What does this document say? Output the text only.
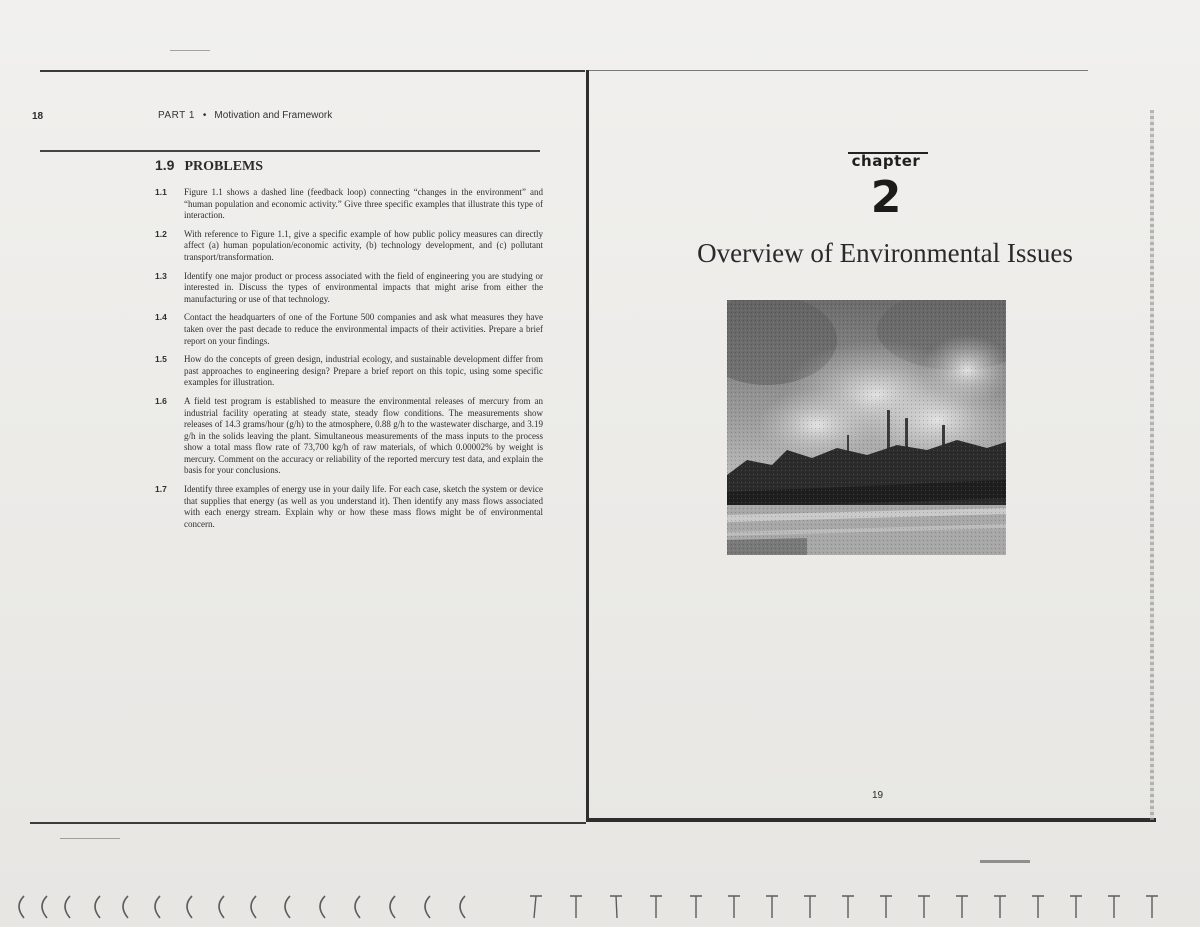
18	PART 1 • Motivation and Framework
1.9 PROBLEMS
1.1 Figure 1.1 shows a dashed line (feedback loop) connecting “changes in the environment” and “human population and economic activity.” Give three specific examples that illustrate this type of interaction.
1.2 With reference to Figure 1.1, give a specific example of how public policy measures can directly affect (a) human population/economic activity, (b) technology development, and (c) pollutant transport/transformation.
1.3 Identify one major product or process associated with the field of engineering you are studying or interested in. Discuss the types of environmental impacts that might arise from either the manufacturing or use of that technology.
1.4 Contact the headquarters of one of the Fortune 500 companies and ask what measures they have taken over the past decade to reduce the environmental impacts of their activities. Prepare a brief report on your findings.
1.5 How do the concepts of green design, industrial ecology, and sustainable development differ from past approaches to engineering design? Prepare a brief report on this topic, using some specific examples for illustration.
1.6 A field test program is established to measure the environmental releases of mercury from an industrial facility operating at steady state, steady flow conditions. The measurements show releases of 14.3 grams/hour (g/h) to the atmosphere, 0.88 g/h to the wastewater discharge, and 3.19 g/h in the solids leaving the plant. Simultaneous measurements of the mass inputs to the process show a total mass flow rate of 73,700 kg/h of raw materials, of which 0.00002% by weight is mercury. Comment on the accuracy or reliability of the reported mercury test data, and explain the basis for your conclusions.
1.7 Identify three examples of energy use in your daily life. For each case, sketch the system or device that supplies that energy (as well as you understand it). Then identify any mass flows associated with each energy stream. Explain why or how these mass flows might be of environmental concern.
chapter
2
Overview of Environmental Issues
19
